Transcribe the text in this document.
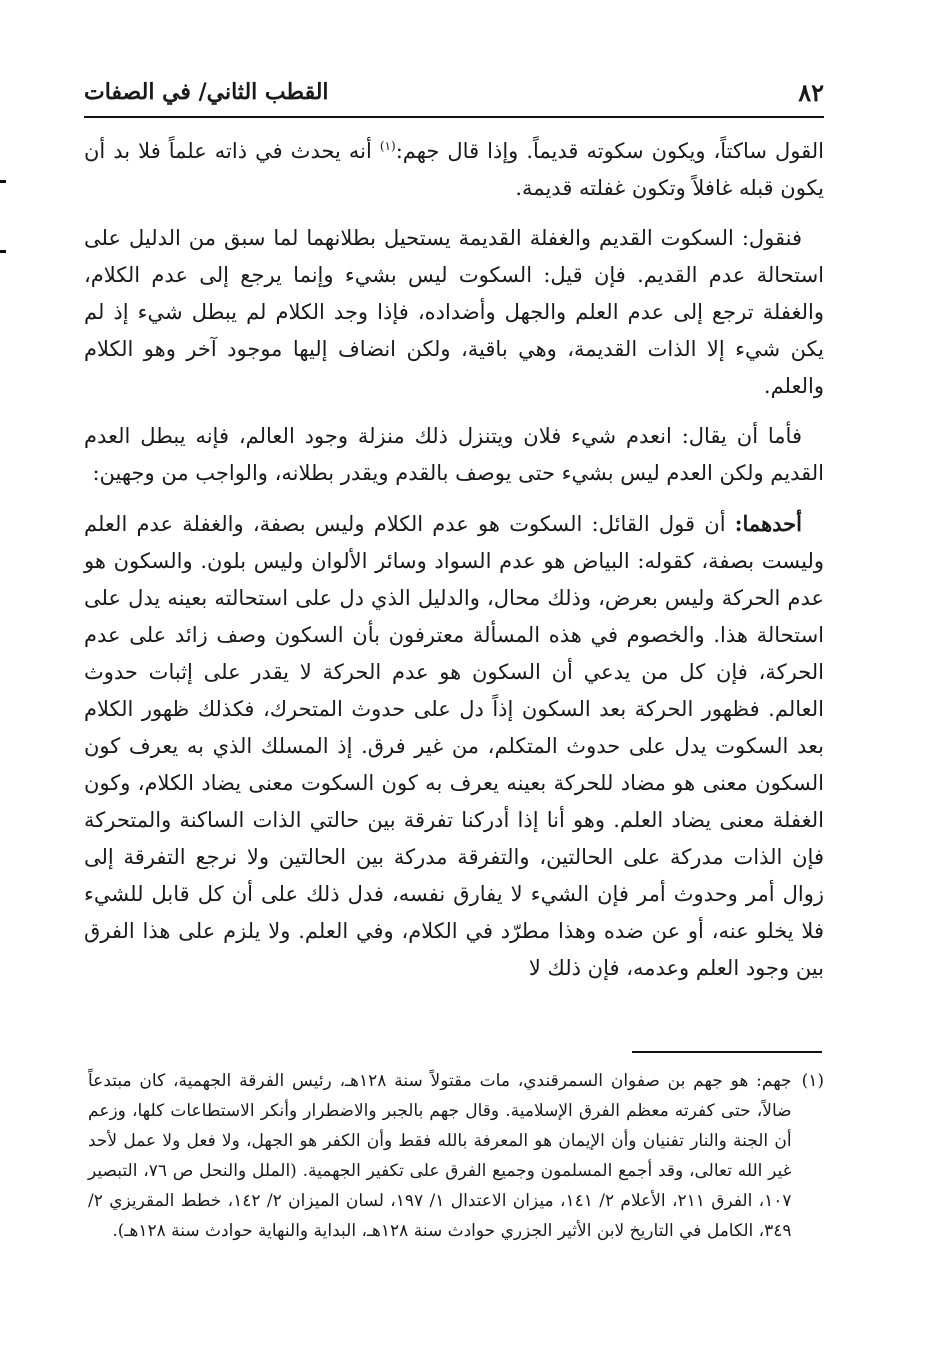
٨٢
القطب الثاني/ في الصفات

القول ساكتاً، ويكون سكوته قديماً. وإذا قال جهم:$^{(١)}$ أنه يحدث في ذاته علماً فلا بد أن يكون قبله غافلاً وتكون غفلته قديمة.

فنقول: السكوت القديم والغفلة القديمة يستحيل بطلانهما لما سبق من الدليل على استحالة عدم القديم. فإن قيل: السكوت ليس بشيء وإنما يرجع إلى عدم الكلام، والغفلة ترجع إلى عدم العلم والجهل وأضداده، فإذا وجد الكلام لم يبطل شيء إذ لم يكن شيء إلا الذات القديمة، وهي باقية، ولكن انضاف إليها موجود آخر وهو الكلام والعلم.

فأما أن يقال: انعدم شيء فلان ويتنزل ذلك منزلة وجود العالم، فإنه يبطل العدم القديم ولكن العدم ليس بشيء حتى يوصف بالقدم ويقدر بطلانه، والواجب من وجهين:

أحدهما: أن قول القائل: السكوت هو عدم الكلام وليس بصفة، والغفلة عدم العلم وليست بصفة، كقوله: البياض هو عدم السواد وسائر الألوان وليس بلون. والسكون هو عدم الحركة وليس بعرض، وذلك محال، والدليل الذي دل على استحالته بعينه يدل على استحالة هذا. والخصوم في هذه المسألة معترفون بأن السكون وصف زائد على عدم الحركة، فإن كل من يدعي أن السكون هو عدم الحركة لا يقدر على إثبات حدوث العالم. فظهور الحركة بعد السكون إذاً دل على حدوث المتحرك، فكذلك ظهور الكلام بعد السكوت يدل على حدوث المتكلم، من غير فرق. إذ المسلك الذي به يعرف كون السكون معنى هو مضاد للحركة بعينه يعرف به كون السكوت معنى يضاد الكلام، وكون الغفلة معنى يضاد العلم. وهو أنا إذا أدركنا تفرقة بين حالتي الذات الساكنة والمتحركة فإن الذات مدركة على الحالتين، والتفرقة مدركة بين الحالتين ولا نرجع التفرقة إلى زوال أمر وحدوث أمر فإن الشيء لا يفارق نفسه، فدل ذلك على أن كل قابل للشيء فلا يخلو عنه، أو عن ضده وهذا مطرّد في الكلام، وفي العلم. ولا يلزم على هذا الفرق بين وجود العلم وعدمه، فإن ذلك لا

(١)
جهم: هو جهم بن صفوان السمرقندي، مات مقتولاً سنة ١٢٨هـ، رئيس الفرقة الجهمية، كان مبتدعاً ضالاً، حتى كفرته معظم الفرق الإسلامية. وقال جهم بالجبر والاضطرار وأنكر الاستطاعات كلها، وزعم أن الجنة والنار تفنيان وأن الإيمان هو المعرفة بالله فقط وأن الكفر هو الجهل، ولا فعل ولا عمل لأحد غير الله تعالى، وقد أجمع المسلمون وجميع الفرق على تكفير الجهمية. (الملل والنحل ص ٧٦، التبصير ١٠٧، الفرق ٢١١، الأعلام ٢/ ١٤١، ميزان الاعتدال ١/ ١٩٧، لسان الميزان ٢/ ١٤٢، خطط المقريزي ٢/ ٣٤٩، الكامل في التاريخ لابن الأثير الجزري حوادث سنة ١٢٨هـ، البداية والنهاية حوادث سنة ١٢٨هـ).
